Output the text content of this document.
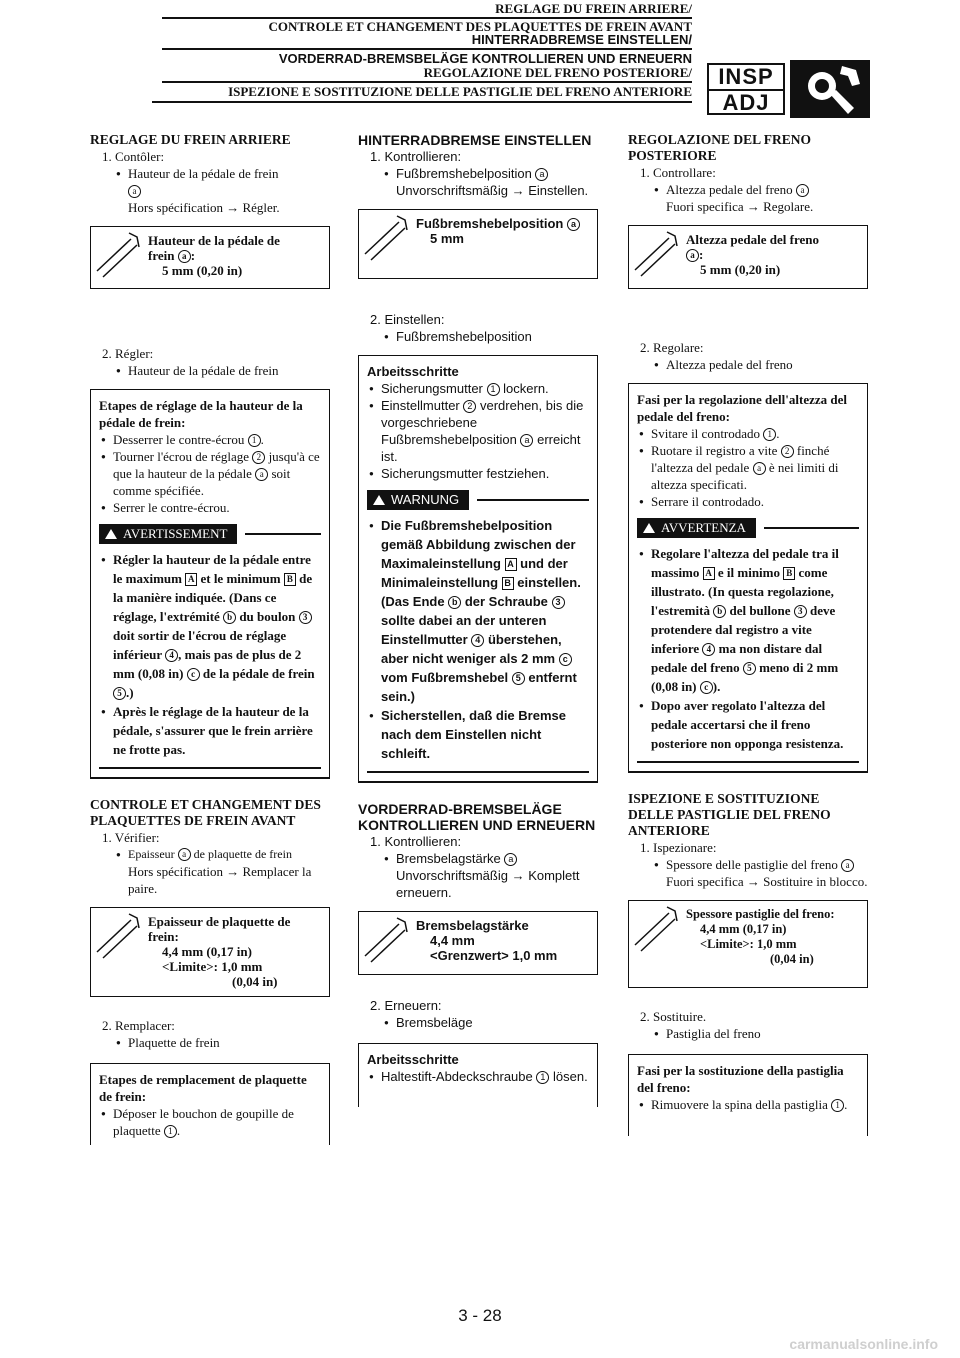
REGLAGE DU FREIN ARRIERE/
CONTROLE ET CHANGEMENT DES PLAQUETTES DE FREIN AVANT
HINTERRADBREMSE EINSTELLEN/
VORDERRAD-BREMSBELÄGE KONTROLLIEREN UND ERNEUERN
REGOLAZIONE DEL FRENO POSTERIORE/
ISPEZIONE E SOSTITUZIONE DELLE PASTIGLIE DEL FRENO ANTERIORE
INSP
ADJ
REGLAGE DU FREIN ARRIERE
1. Contôler:
● Hauteur de la pédale de frein
a
Hors spécification → Régler.
Hauteur de la pédale de
frein a :
5 mm (0,20 in)
2. Régler:
● Hauteur de la pédale de frein
Etapes de réglage de la hauteur de la pédale de frein:
● Desserrer le contre-écrou 1 .
● Tourner l'écrou de réglage 2 jusqu'à ce que la hauteur de la pédale a soit comme spécifiée.
● Serrer le contre-écrou.
AVERTISSEMENT
● Régler la hauteur de la pédale entre le maximum A et le minimum B de la manière indiquée. (Dans ce réglage, l'extrémité b du boulon 3 doit sortir de l'écrou de réglage inférieur 4 , mais pas de plus de 2 mm (0,08 in) c de la pédale de frein 5 .)
● Après le réglage de la hauteur de la pédale, s'assurer que le frein arrière ne frotte pas.
CONTROLE ET CHANGEMENT DES PLAQUETTES DE FREIN AVANT
1. Vérifier:
● Epaisseur a de plaquette de frein
Hors spécification → Remplacer la paire.
Epaisseur de plaquette de frein:
4,4 mm (0,17 in)
<Limite>: 1,0 mm
(0,04 in)
2. Remplacer:
● Plaquette de frein
Etapes de remplacement de plaquette de frein:
● Déposer le bouchon de goupille de plaquette 1 .
HINTERRADBREMSE EINSTELLEN
1. Kontrollieren:
● Fußbremshebelposition a
Unvorschriftsmäßig → Einstellen.
Fußbremshebelposition a
5 mm
2. Einstellen:
● Fußbremshebelposition
Arbeitsschritte
● Sicherungsmutter 1 lockern.
● Einstellmutter 2 verdrehen, bis die vorgeschriebene Fußbremshebelposition a erreicht ist.
● Sicherungsmutter festziehen.
WARNUNG
● Die Fußbremshebelposition gemäß Abbildung zwischen der Maximaleinstellung A und der Minimaleinstellung B einstellen. (Das Ende b der Schraube 3 sollte dabei an der unteren Einstellmutter 4 überstehen, aber nicht weniger als 2 mm c vom Fußbremshebel 5 entfernt sein.)
● Sicherstellen, daß die Bremse nach dem Einstellen nicht schleift.
VORDERRAD-BREMSBELÄGE KONTROLLIEREN UND ERNEUERN
1. Kontrollieren:
● Bremsbelagstärke a
Unvorschriftsmäßig → Komplett erneuern.
Bremsbelagstärke
4,4 mm
<Grenzwert> 1,0 mm
2. Erneuern:
● Bremsbeläge
Arbeitsschritte
● Haltestift-Abdeckschraube 1 lösen.
REGOLAZIONE DEL FRENO POSTERIORE
1. Controllare:
● Altezza pedale del freno a
Fuori specifica → Regolare.
Altezza pedale del freno
a :
5 mm (0,20 in)
2. Regolare:
● Altezza pedale del freno
Fasi per la regolazione dell'altezza del pedale del freno:
● Svitare il controdado 1 .
● Ruotare il registro a vite 2 finché l'altezza del pedale a è nei limiti di altezza specificati.
● Serrare il controdado.
AVVERTENZA
● Regolare l'altezza del pedale tra il massimo A e il minimo B come illustrato. (In questa regolazione, l'estremità b del bullone 3 deve protendere dal registro a vite inferiore 4 ma non distare dal pedale del freno 5 meno di 2 mm (0,08 in) c ).
● Dopo aver regolato l'altezza del pedale accertarsi che il freno posteriore non opponga resistenza.
ISPEZIONE E SOSTITUZIONE DELLE PASTIGLIE DEL FRENO ANTERIORE
1. Ispezionare:
● Spessore delle pastiglie del freno a
Fuori specifica → Sostituire in blocco.
Spessore pastiglie del freno:
4,4 mm (0,17 in)
<Limite>: 1,0 mm
(0,04 in)
2. Sostituire.
● Pastiglia del freno
Fasi per la sostituzione della pastiglia del freno:
● Rimuovere la spina della pastiglia 1 .
3 - 28
carmanualsonline.info
